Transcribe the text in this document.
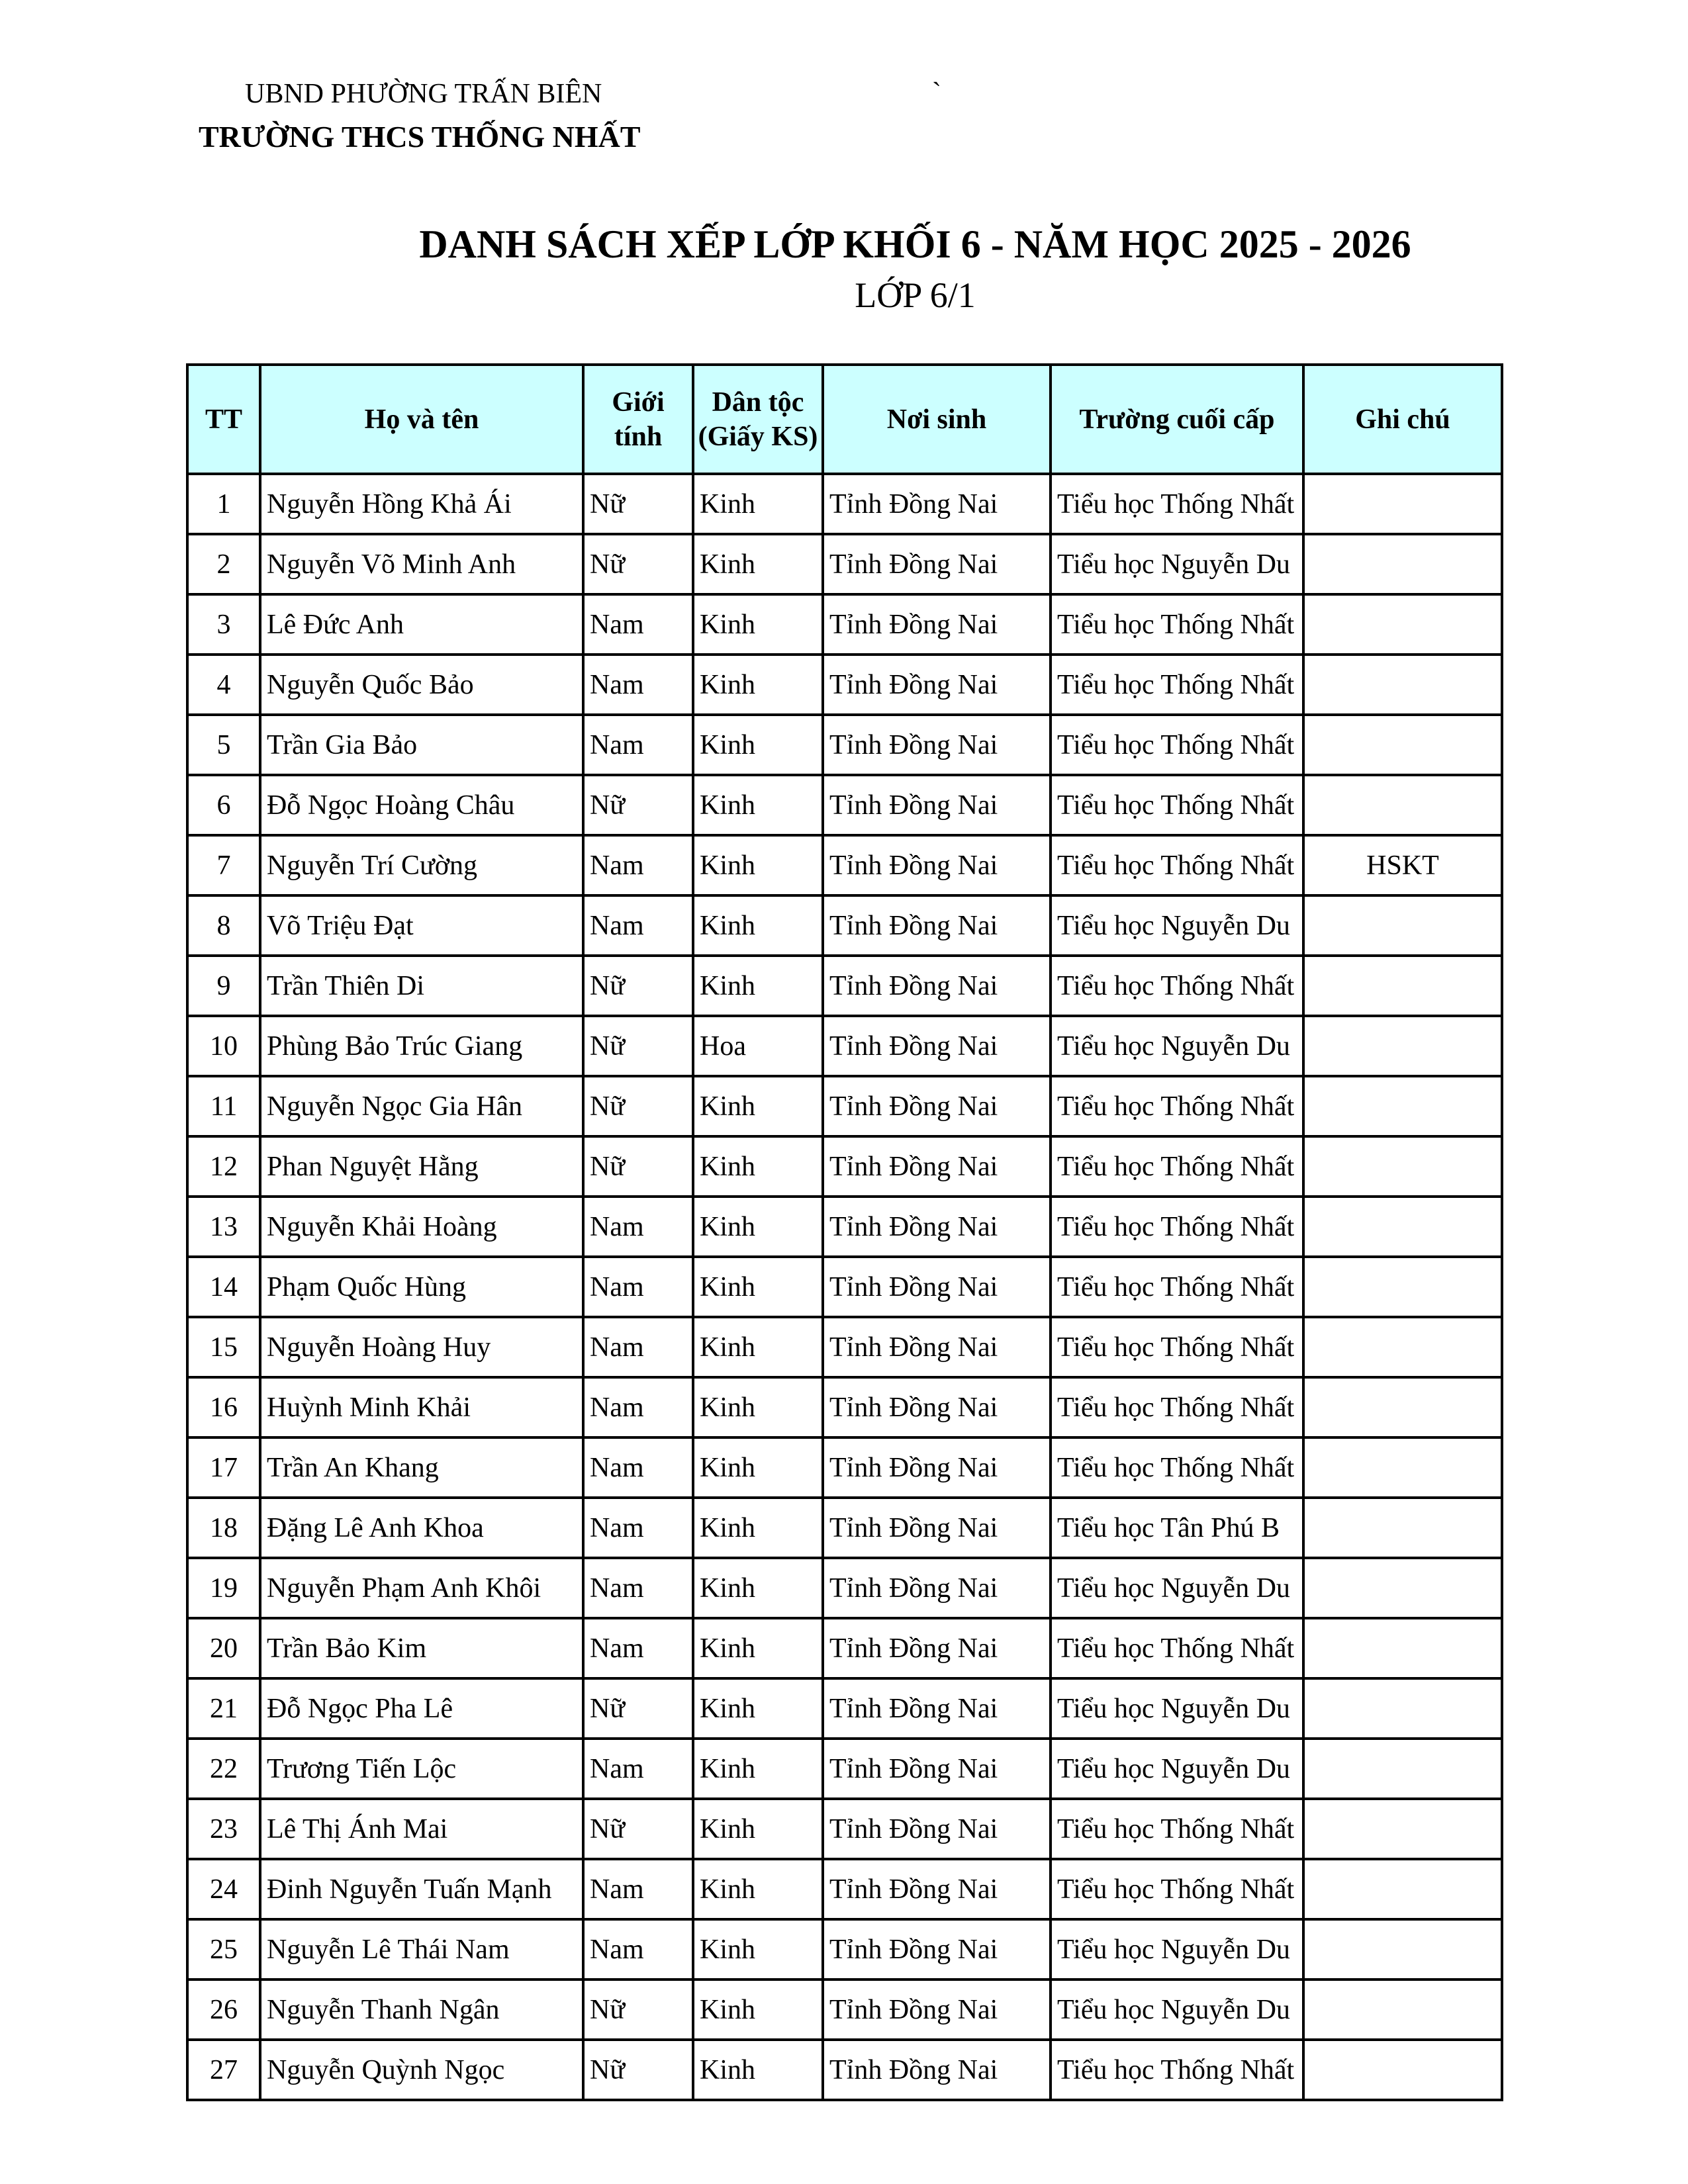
UBND PHƯỜNG TRẤN BIÊN	`
TRƯỜNG THCS THỐNG NHẤT
DANH SÁCH XẾP LỚP KHỐI 6 - NĂM HỌC 2025 - 2026
LỚP 6/1
TT	Họ và tên	Giới tính	Dân tộc (Giấy KS)	Nơi sinh	Trường cuối cấp	Ghi chú
1	Nguyễn Hồng Khả Ái	Nữ	Kinh	Tỉnh Đồng Nai	Tiểu học Thống Nhất	
2	Nguyễn Võ Minh Anh	Nữ	Kinh	Tỉnh Đồng Nai	Tiểu học Nguyễn Du	
3	Lê Đức Anh	Nam	Kinh	Tỉnh Đồng Nai	Tiểu học Thống Nhất	
4	Nguyễn Quốc Bảo	Nam	Kinh	Tỉnh Đồng Nai	Tiểu học Thống Nhất	
5	Trần Gia Bảo	Nam	Kinh	Tỉnh Đồng Nai	Tiểu học Thống Nhất	
6	Đỗ Ngọc Hoàng Châu	Nữ	Kinh	Tỉnh Đồng Nai	Tiểu học Thống Nhất	
7	Nguyễn Trí Cường	Nam	Kinh	Tỉnh Đồng Nai	Tiểu học Thống Nhất	HSKT
8	Võ Triệu Đạt	Nam	Kinh	Tỉnh Đồng Nai	Tiểu học Nguyễn Du	
9	Trần Thiên Di	Nữ	Kinh	Tỉnh Đồng Nai	Tiểu học Thống Nhất	
10	Phùng Bảo Trúc Giang	Nữ	Hoa	Tỉnh Đồng Nai	Tiểu học Nguyễn Du	
11	Nguyễn Ngọc Gia Hân	Nữ	Kinh	Tỉnh Đồng Nai	Tiểu học Thống Nhất	
12	Phan Nguyệt Hằng	Nữ	Kinh	Tỉnh Đồng Nai	Tiểu học Thống Nhất	
13	Nguyễn Khải Hoàng	Nam	Kinh	Tỉnh Đồng Nai	Tiểu học Thống Nhất	
14	Phạm Quốc Hùng	Nam	Kinh	Tỉnh Đồng Nai	Tiểu học Thống Nhất	
15	Nguyễn Hoàng Huy	Nam	Kinh	Tỉnh Đồng Nai	Tiểu học Thống Nhất	
16	Huỳnh Minh Khải	Nam	Kinh	Tỉnh Đồng Nai	Tiểu học Thống Nhất	
17	Trần An Khang	Nam	Kinh	Tỉnh Đồng Nai	Tiểu học Thống Nhất	
18	Đặng Lê Anh Khoa	Nam	Kinh	Tỉnh Đồng Nai	Tiểu học Tân Phú B	
19	Nguyễn Phạm Anh Khôi	Nam	Kinh	Tỉnh Đồng Nai	Tiểu học Nguyễn Du	
20	Trần Bảo Kim	Nam	Kinh	Tỉnh Đồng Nai	Tiểu học Thống Nhất	
21	Đỗ Ngọc Pha Lê	Nữ	Kinh	Tỉnh Đồng Nai	Tiểu học Nguyễn Du	
22	Trương Tiến Lộc	Nam	Kinh	Tỉnh Đồng Nai	Tiểu học Nguyễn Du	
23	Lê Thị Ánh Mai	Nữ	Kinh	Tỉnh Đồng Nai	Tiểu học Thống Nhất	
24	Đinh Nguyễn Tuấn Mạnh	Nam	Kinh	Tỉnh Đồng Nai	Tiểu học Thống Nhất	
25	Nguyễn Lê Thái Nam	Nam	Kinh	Tỉnh Đồng Nai	Tiểu học Nguyễn Du	
26	Nguyễn Thanh Ngân	Nữ	Kinh	Tỉnh Đồng Nai	Tiểu học Nguyễn Du	
27	Nguyễn Quỳnh Ngọc	Nữ	Kinh	Tỉnh Đồng Nai	Tiểu học Thống Nhất	
